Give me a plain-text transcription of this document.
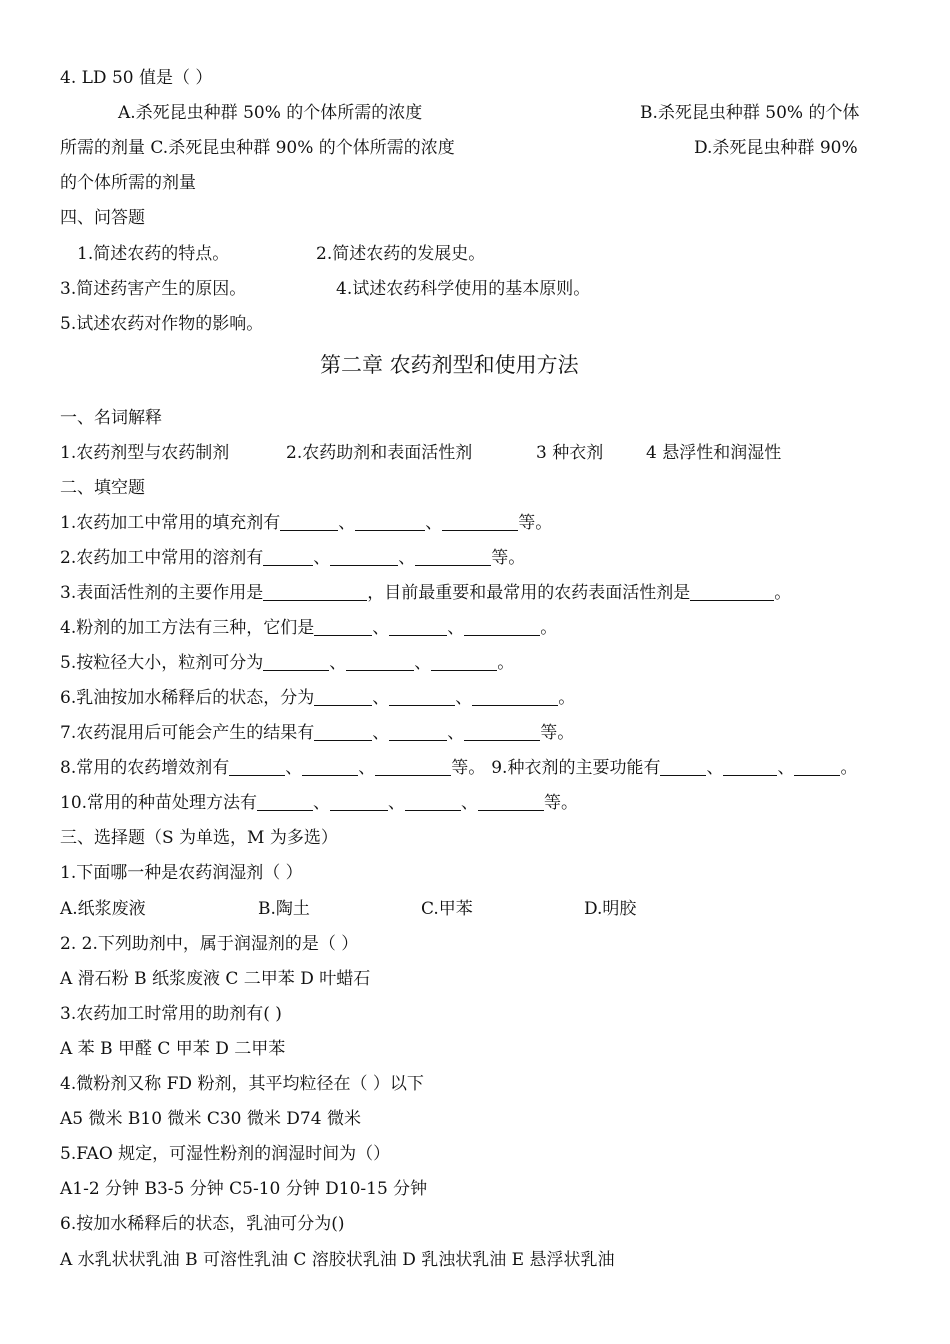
4. LD 50 值是（ ）
A.杀死昆虫种群 50% 的个体所需的浓度	B.杀死昆虫种群 50% 的个体
所需的剂量 C.杀死昆虫种群 90% 的个体所需的浓度	D.杀死昆虫种群 90%
的个体所需的剂量
四、问答题
1.简述农药的特点。	2.简述农药的发展史。
3.简述药害产生的原因。	4.试述农药科学使用的基本原则。
5.试述农药对作物的影响。
第二章 农药剂型和使用方法
一、名词解释
1.农药剂型与农药制剂	2.农药助剂和表面活性剂	3 种衣剂	4 悬浮性和润湿性
二、填空题
1.农药加工中常用的填充剂有	、	、	等。
2.农药加工中常用的溶剂有	、	、	等。
3.表面活性剂的主要作用是	，目前最重要和最常用的农药表面活性剂是	。
4.粉剂的加工方法有三种，它们是	、	、	。
5.按粒径大小，粒剂可分为	、	、	。
6.乳油按加水稀释后的状态，分为	、	、	。
7.农药混用后可能会产生的结果有	、	、	等。
8.常用的农药增效剂有	、	、	等。 9.种衣剂的主要功能有	、	、	。
10.常用的种苗处理方法有	、	、	、	等。
三、选择题（S 为单选，M 为多选）
1.下面哪一种是农药润湿剂（ ）
A.纸浆废液	B.陶土	C.甲苯	D.明胶
2. 2.下列助剂中，属于润湿剂的是（ ）
A 滑石粉 B 纸浆废液 C 二甲苯 D 叶蜡石
3.农药加工时常用的助剂有( )
A 苯 B 甲醛 C 甲苯 D 二甲苯
4.微粉剂又称 FD 粉剂，其平均粒径在（ ）以下
A5 微米 B10 微米 C30 微米 D74 微米
5.FAO 规定，可湿性粉剂的润湿时间为（）
A1-2 分钟 B3-5 分钟 C5-10 分钟 D10-15 分钟
6.按加水稀释后的状态，乳油可分为()
A 水乳状状乳油 B 可溶性乳油 C 溶胶状乳油 D 乳浊状乳油 E 悬浮状乳油
